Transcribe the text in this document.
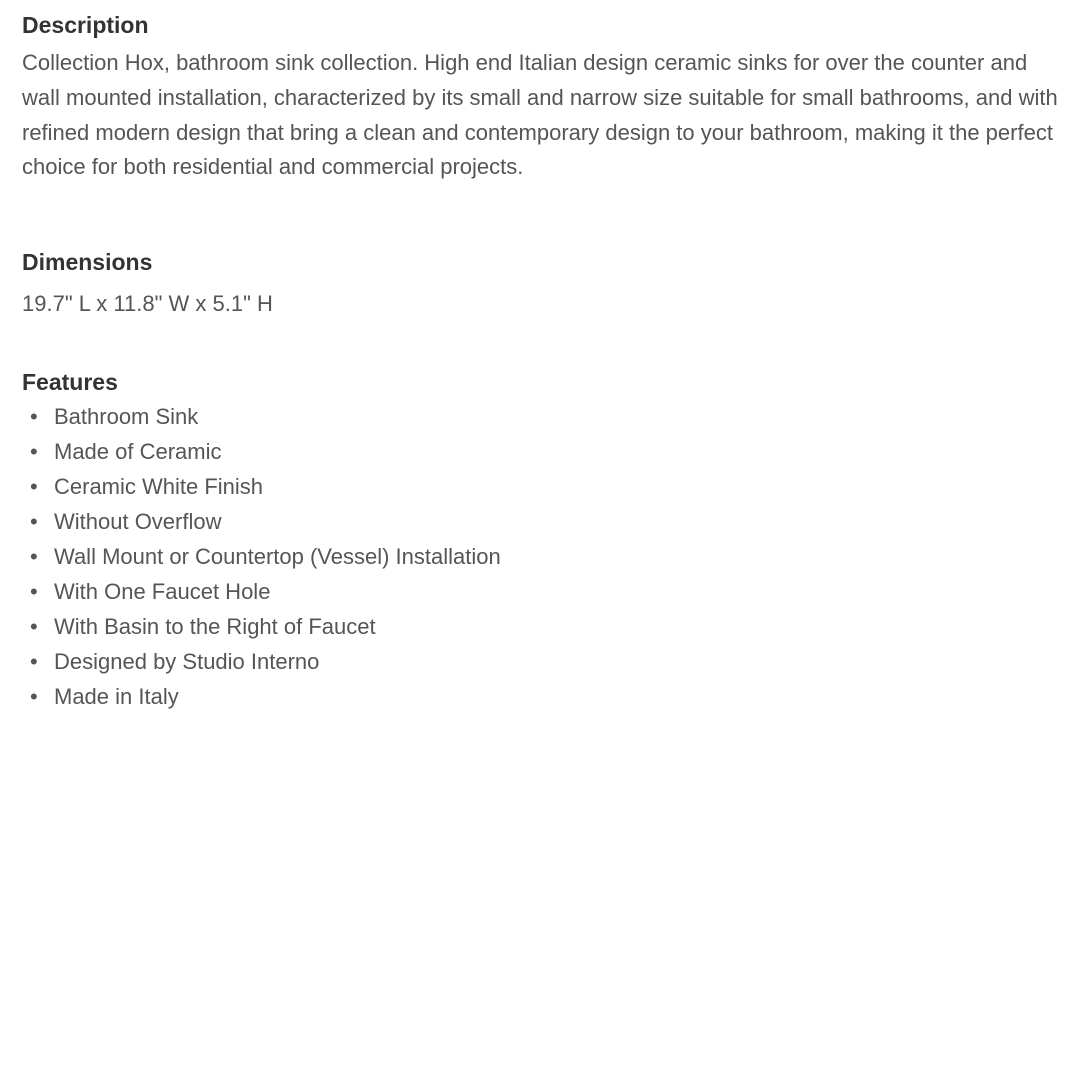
Description

Collection Hox, bathroom sink collection. High end Italian design ceramic sinks for over the counter and wall mounted installation, characterized by its small and narrow size suitable for small bathrooms, and with refined modern design that bring a clean and contemporary design to your bathroom, making it the perfect choice for both residential and commercial projects.

Dimensions

19.7" L x 11.8" W x 5.1" H

Features
• Bathroom Sink
• Made of Ceramic
• Ceramic White Finish
• Without Overflow
• Wall Mount or Countertop (Vessel) Installation
• With One Faucet Hole
• With Basin to the Right of Faucet
• Designed by Studio Interno
• Made in Italy
